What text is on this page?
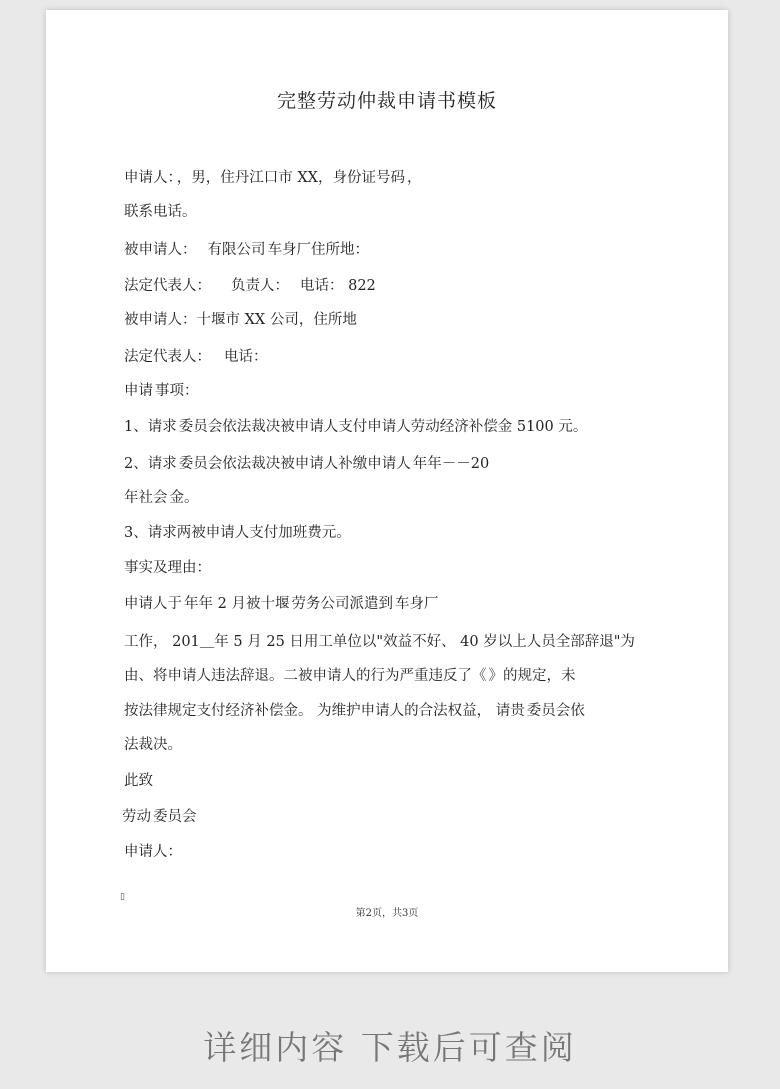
完整劳动仲裁申请书模板
申请人： ，男，住丹江口市 XX，身份证号码 ，
联系电话。
被申请人： 有限公司 车身厂住所地：
法定代表人： 负责人： 电话： 822
被申请人：十堰市 XX 公司，住所地
法定代表人： 电话：
申请 事项：
1、请求 委员会依法裁决被申请人支付申请人劳动经济补偿金 5100 元。
2、请求 委员会依法裁决被申请人补缴申请人 年年－－20
年社会 金。
3、请求两被申请人支付加班费元。
事实及理由：
申请人于 年年 2 月被十堰 劳务公司派遣到 车身厂
工作， 201＿年 5 月 25 日用工单位以"效益不好、 40 岁以上人员全部辞退"为
由、将申请人违法辞退。二被申请人的行为严重违反了《 》的规定，未
按法律规定支付经济补偿金。 为维护申请人的合法权益， 请贵 委员会依
法裁决。
此致
劳动 委员会
申请人：
▯
第2页，共3页
详细内容 下载后可查阅
